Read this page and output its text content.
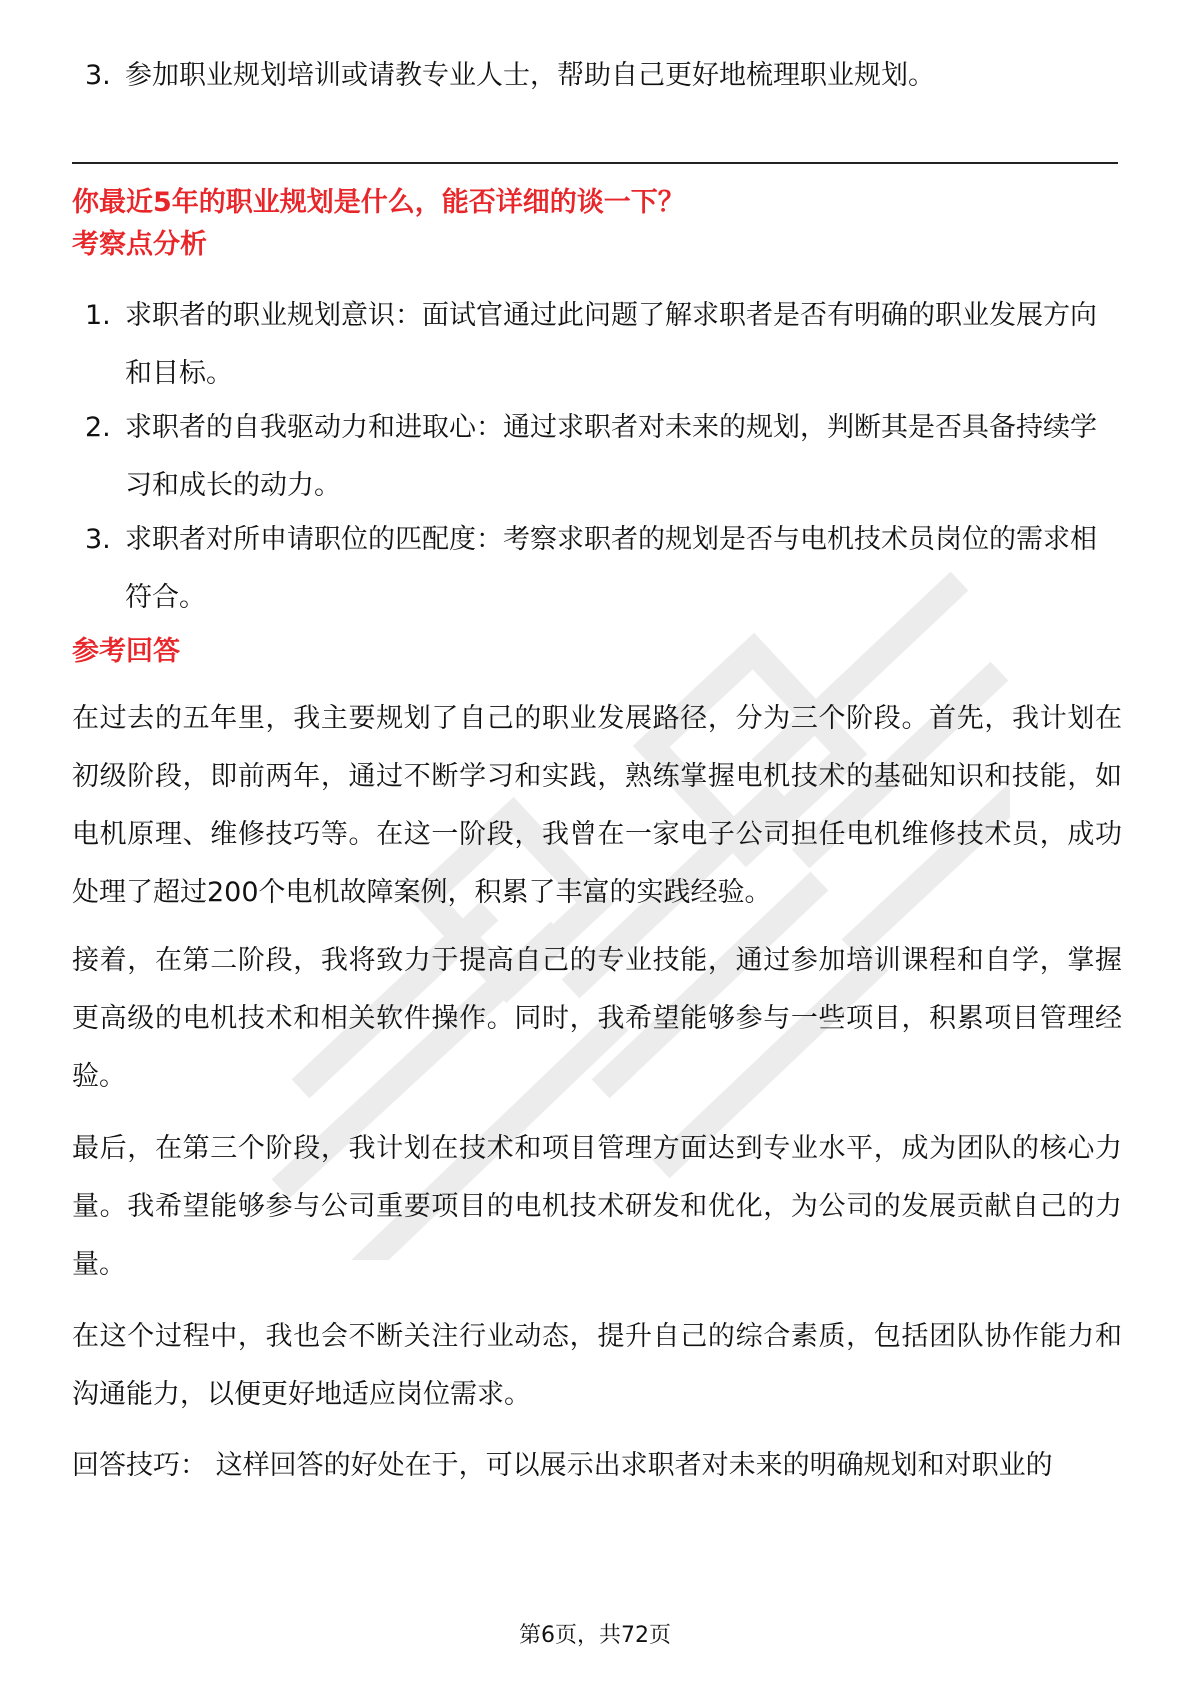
3. 参加职业规划培训或请教专业人士，帮助自己更好地梳理职业规划。
你最近5年的职业规划是什么，能否详细的谈一下？
考察点分析
1. 求职者的职业规划意识：面试官通过此问题了解求职者是否有明确的职业发展方向和目标。
2. 求职者的自我驱动力和进取心：通过求职者对未来的规划，判断其是否具备持续学习和成长的动力。
3. 求职者对所申请职位的匹配度：考察求职者的规划是否与电机技术员岗位的需求相符合。
参考回答

在过去的五年里，我主要规划了自己的职业发展路径，分为三个阶段。首先，我计划在初级阶段，即前两年，通过不断学习和实践，熟练掌握电机技术的基础知识和技能，如电机原理、维修技巧等。在这一阶段，我曾在一家电子公司担任电机维修技术员，成功处理了超过200个电机故障案例，积累了丰富的实践经验。

接着，在第二阶段，我将致力于提高自己的专业技能，通过参加培训课程和自学，掌握更高级的电机技术和相关软件操作。同时，我希望能够参与一些项目，积累项目管理经验。

最后，在第三个阶段，我计划在技术和项目管理方面达到专业水平，成为团队的核心力量。我希望能够参与公司重要项目的电机技术研发和优化，为公司的发展贡献自己的力量。

在这个过程中，我也会不断关注行业动态，提升自己的综合素质，包括团队协作能力和沟通能力，以便更好地适应岗位需求。

回答技巧： 这样回答的好处在于，可以展示出求职者对未来的明确规划和对职业的

第6页，共72页
